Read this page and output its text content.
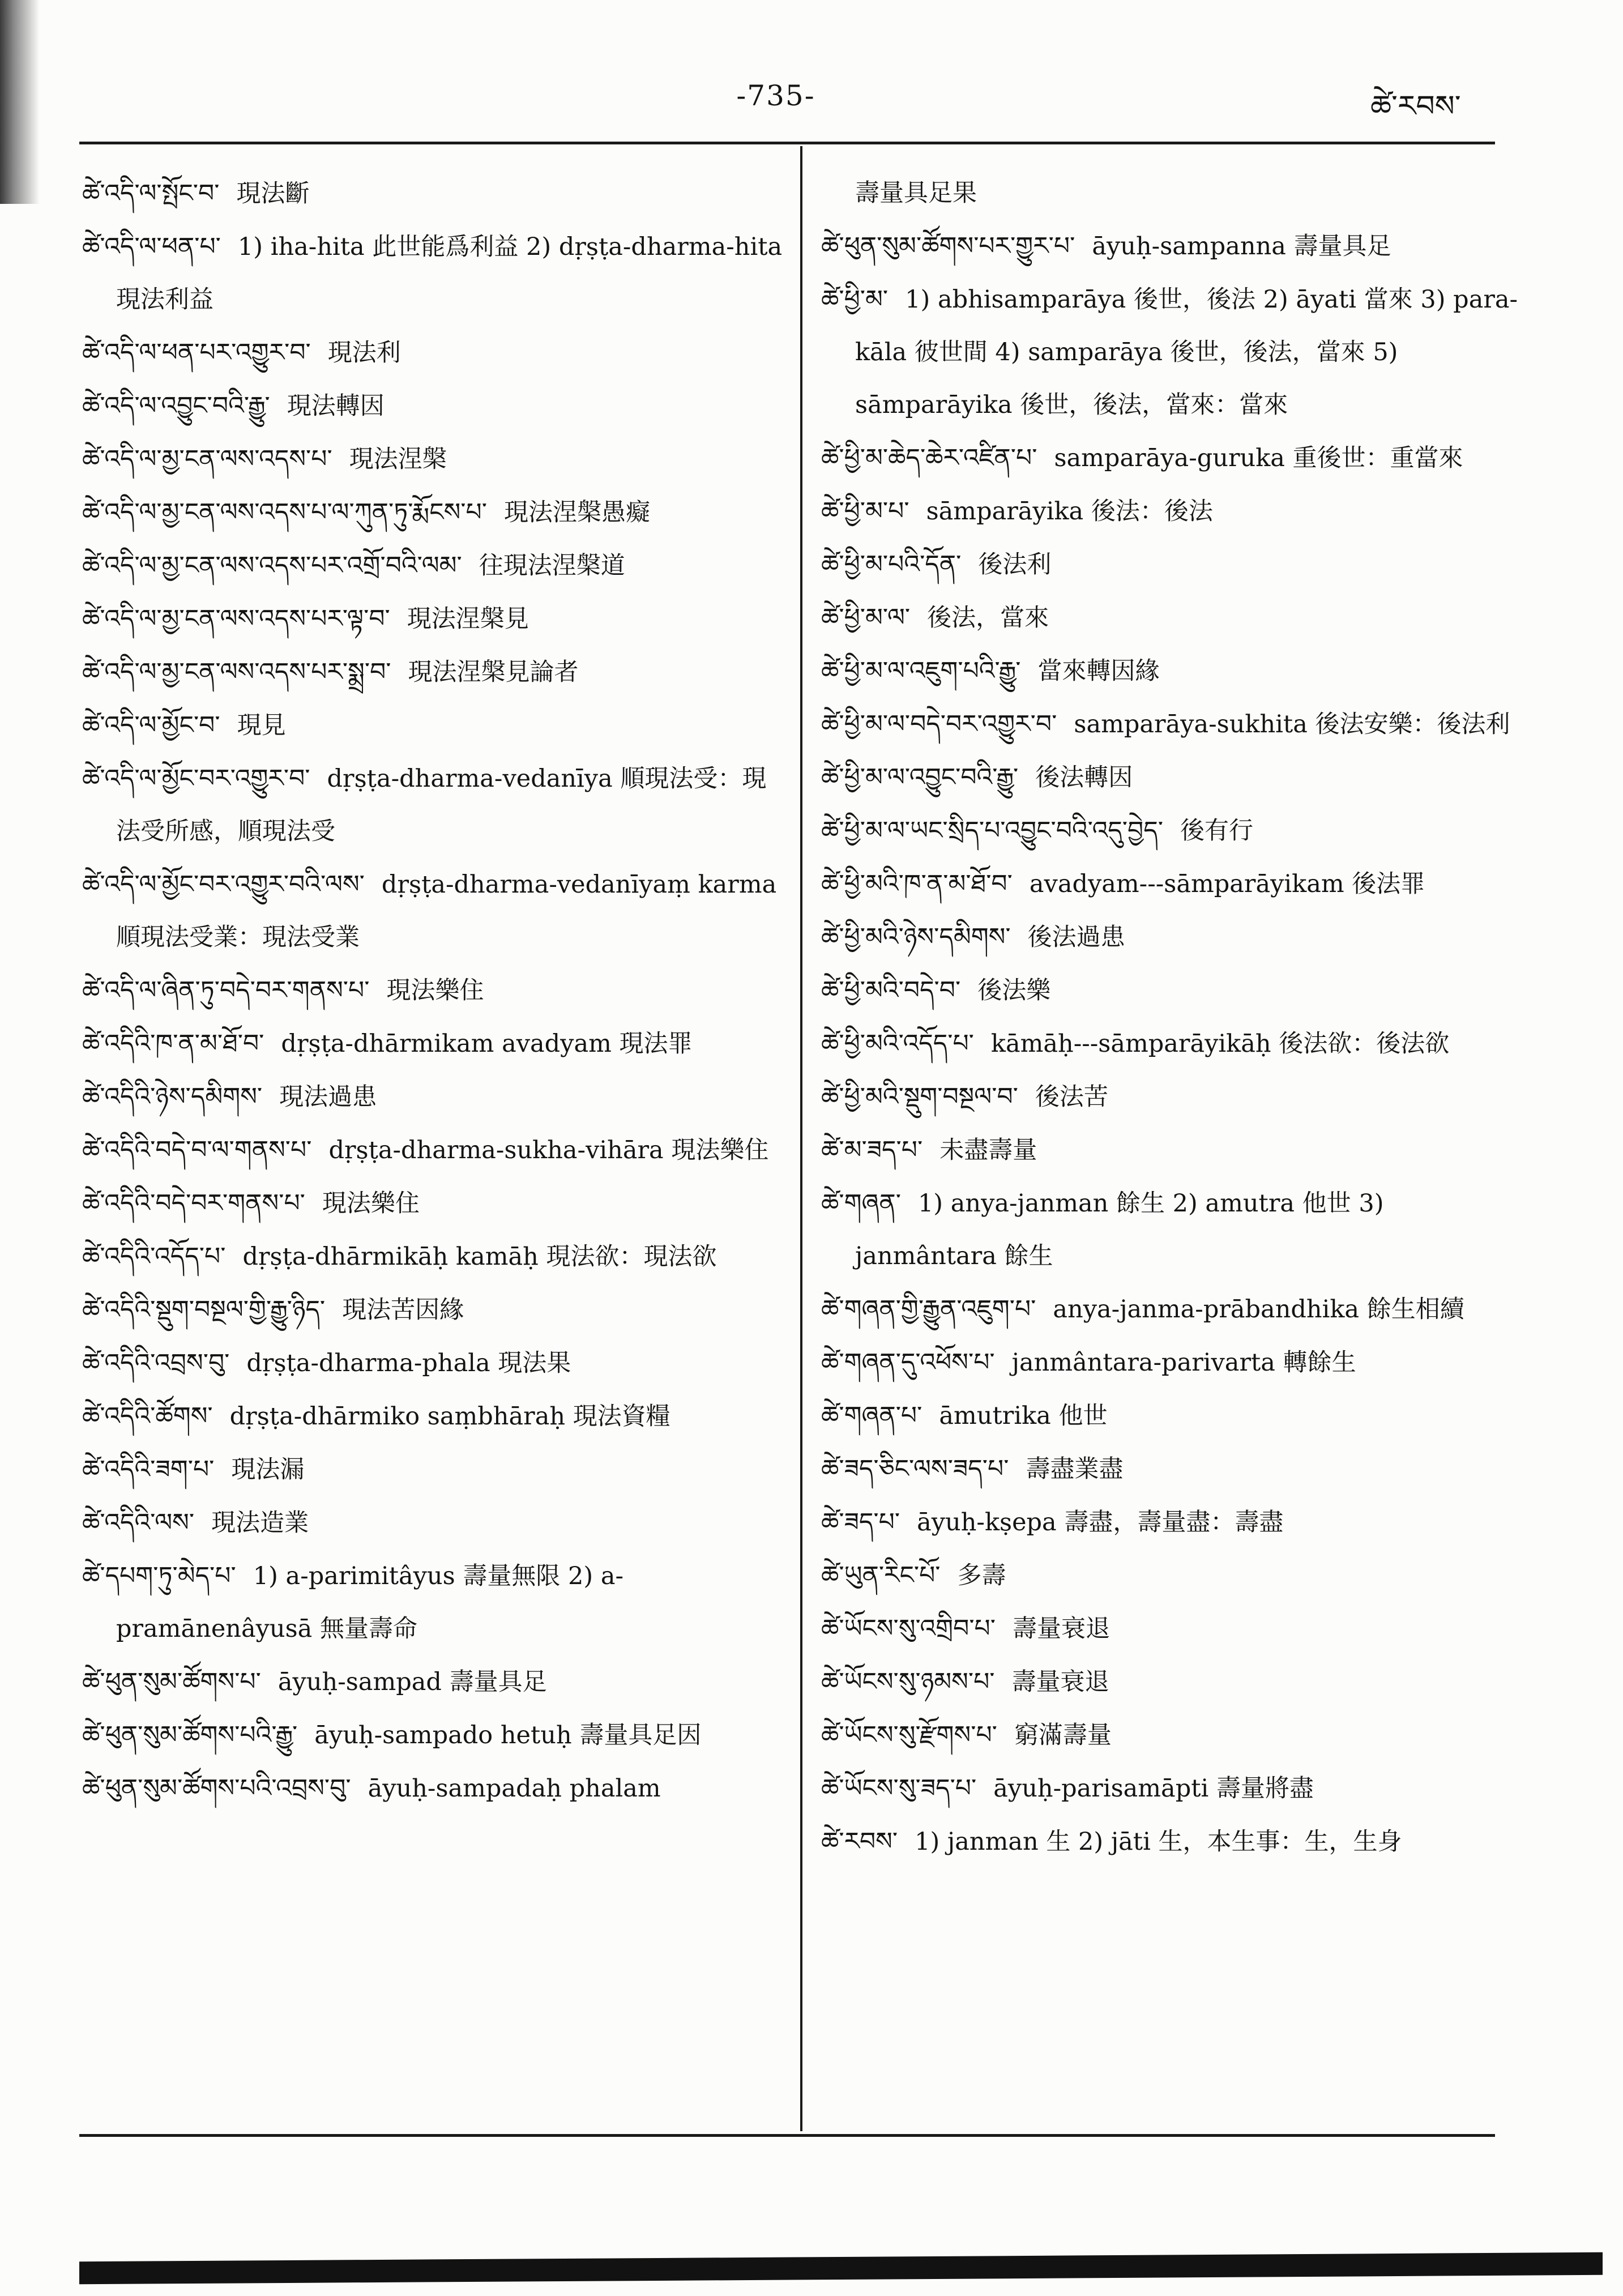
-735-	ཚེ་རབས་

ཚེ་འདི་ལ་སྤོང་བ་ 現法斷

ཚེ་འདི་ལ་ཕན་པ་ 1) iha-hita 此世能爲利益 2) dṛṣṭa-dharma-hita 現法利益

ཚེ་འདི་ལ་ཕན་པར་འགྱུར་བ་ 現法利

ཚེ་འདི་ལ་འབྱུང་བའི་རྒྱུ་ 現法轉因

ཚེ་འདི་ལ་མྱ་ངན་ལས་འདས་པ་ 現法涅槃

ཚེ་འདི་ལ་མྱ་ངན་ལས་འདས་པ་ལ་ཀུན་ཏུ་རྨོངས་པ་ 現法涅槃愚癡

ཚེ་འདི་ལ་མྱ་ངན་ལས་འདས་པར་འགྲོ་བའི་ལམ་ 往現法涅槃道

ཚེ་འདི་ལ་མྱ་ངན་ལས་འདས་པར་ལྟ་བ་ 現法涅槃見

ཚེ་འདི་ལ་མྱ་ངན་ལས་འདས་པར་སྨྲ་བ་ 現法涅槃見論者

ཚེ་འདི་ལ་མྱོང་བ་ 現見

ཚེ་འདི་ལ་མྱོང་བར་འགྱུར་བ་ dṛṣṭa-dharma-vedanīya 順現法受：現法受所感，順現法受

ཚེ་འདི་ལ་མྱོང་བར་འགྱུར་བའི་ལས་ dṛṣṭa-dharma-vedanīyaṃ karma 順現法受業：現法受業

ཚེ་འདི་ལ་ཞིན་ཏུ་བདེ་བར་གནས་པ་ 現法樂住

ཚེ་འདིའི་ཁ་ན་མ་ཐོ་བ་ dṛṣṭa-dhārmikam avadyam 現法罪

ཚེ་འདིའི་ཉེས་དམིགས་ 現法過患

ཚེ་འདིའི་བདེ་བ་ལ་གནས་པ་ dṛṣṭa-dharma-sukha-vihāra 現法樂住

ཚེ་འདིའི་བདེ་བར་གནས་པ་ 現法樂住

ཚེ་འདིའི་འདོད་པ་ dṛṣṭa-dhārmikāḥ kamāḥ 現法欲：現法欲

ཚེ་འདིའི་སྡུག་བསྔལ་གྱི་རྒྱུ་ཉིད་ 現法苦因緣

ཚེ་འདིའི་འབྲས་བུ་ dṛṣṭa-dharma-phala 現法果

ཚེ་འདིའི་ཚོགས་ dṛṣṭa-dhārmiko saṃbhāraḥ 現法資糧

ཚེ་འདིའི་ཟག་པ་ 現法漏

ཚེ་འདིའི་ལས་ 現法造業

ཚེ་དཔག་ཏུ་མེད་པ་ 1) a-parimitâyus 壽量無限 2) a-pramānenâyusā 無量壽命

ཚེ་ཕུན་སུམ་ཚོགས་པ་ āyuḥ-sampad 壽量具足

ཚེ་ཕུན་སུམ་ཚོགས་པའི་རྒྱུ་ āyuḥ-sampado hetuḥ 壽量具足因

ཚེ་ཕུན་སུམ་ཚོགས་པའི་འབྲས་བུ་ āyuḥ-sampadaḥ phalam

壽量具足果

ཚེ་ཕུན་སུམ་ཚོགས་པར་གྱུར་པ་ āyuḥ-sampanna 壽量具足

ཚེ་ཕྱི་མ་ 1) abhisamparāya 後世，後法 2) āyati 當來 3) para-kāla 彼世間 4) samparāya 後世，後法，當來 5) sāmparāyika 後世，後法，當來：當來

ཚེ་ཕྱི་མ་ཆེད་ཆེར་འཛིན་པ་ samparāya-guruka 重後世：重當來

ཚེ་ཕྱི་མ་པ་ sāmparāyika 後法：後法

ཚེ་ཕྱི་མ་པའི་དོན་ 後法利

ཚེ་ཕྱི་མ་ལ་ 後法，當來

ཚེ་ཕྱི་མ་ལ་འཇུག་པའི་རྒྱུ་ 當來轉因緣

ཚེ་ཕྱི་མ་ལ་བདེ་བར་འགྱུར་བ་ samparāya-sukhita 後法安樂：後法利

ཚེ་ཕྱི་མ་ལ་འབྱུང་བའི་རྒྱུ་ 後法轉因

ཚེ་ཕྱི་མ་ལ་ཡང་སྲིད་པ་འབྱུང་བའི་འདུ་བྱེད་ 後有行

ཚེ་ཕྱི་མའི་ཁ་ན་མ་ཐོ་བ་ avadyam---sāmparāyikam 後法罪

ཚེ་ཕྱི་མའི་ཉེས་དམིགས་ 後法過患

ཚེ་ཕྱི་མའི་བདེ་བ་ 後法樂

ཚེ་ཕྱི་མའི་འདོད་པ་ kāmāḥ---sāmparāyikāḥ 後法欲：後法欲

ཚེ་ཕྱི་མའི་སྡུག་བསྔལ་བ་ 後法苦

ཚེ་མ་ཟད་པ་ 未盡壽量

ཚེ་གཞན་ 1) anya-janman 餘生 2) amutra 他世 3) janmântara 餘生

ཚེ་གཞན་གྱི་རྒྱུན་འཇུག་པ་ anya-janma-prābandhika 餘生相續

ཚེ་གཞན་དུ་འཕོས་པ་ janmântara-parivarta 轉餘生

ཚེ་གཞན་པ་ āmutrika 他世

ཚེ་ཟད་ཅིང་ལས་ཟད་པ་ 壽盡業盡

ཚེ་ཟད་པ་ āyuḥ-kṣepa 壽盡，壽量盡：壽盡

ཚེ་ཡུན་རིང་པོ་ 多壽

ཚེ་ཡོངས་སུ་འགྲིབ་པ་ 壽量衰退

ཚེ་ཡོངས་སུ་ཉམས་པ་ 壽量衰退

ཚེ་ཡོངས་སུ་རྫོགས་པ་ 窮滿壽量

ཚེ་ཡོངས་སུ་ཟད་པ་ āyuḥ-parisamāpti 壽量將盡

ཚེ་རབས་ 1) janman 生 2) jāti 生，本生事：生，生身
